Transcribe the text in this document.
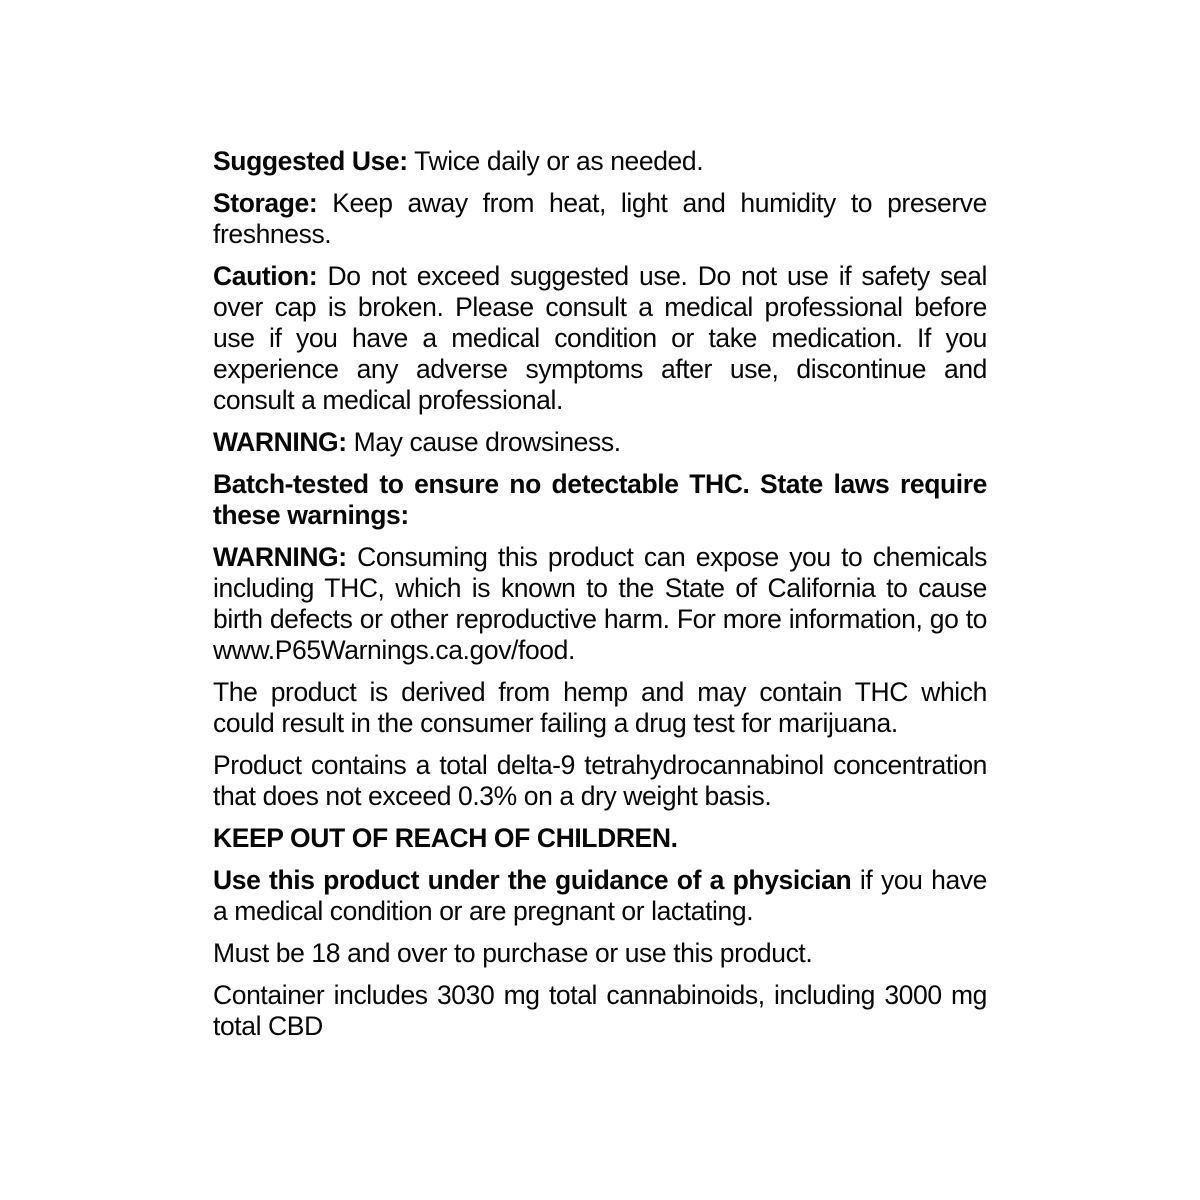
Suggested Use: Twice daily or as needed.

Storage: Keep away from heat, light and humidity to preserve freshness.

Caution: Do not exceed suggested use. Do not use if safety seal over cap is broken. Please consult a medical professional before use if you have a medical condition or take medication. If you experience any adverse symptoms after use, discontinue and consult a medical professional.

WARNING: May cause drowsiness.

Batch-tested to ensure no detectable THC. State laws require these warnings:

WARNING: Consuming this product can expose you to chemicals including THC, which is known to the State of California to cause birth defects or other reproductive harm. For more information, go to www.P65Warnings.ca.gov/food.

The product is derived from hemp and may contain THC which could result in the consumer failing a drug test for marijuana.

Product contains a total delta-9 tetrahydrocannabinol concentration that does not exceed 0.3% on a dry weight basis.

KEEP OUT OF REACH OF CHILDREN.

Use this product under the guidance of a physician if you have a medical condition or are pregnant or lactating.

Must be 18 and over to purchase or use this product.

Container includes 3030 mg total cannabinoids, including 3000 mg total CBD
